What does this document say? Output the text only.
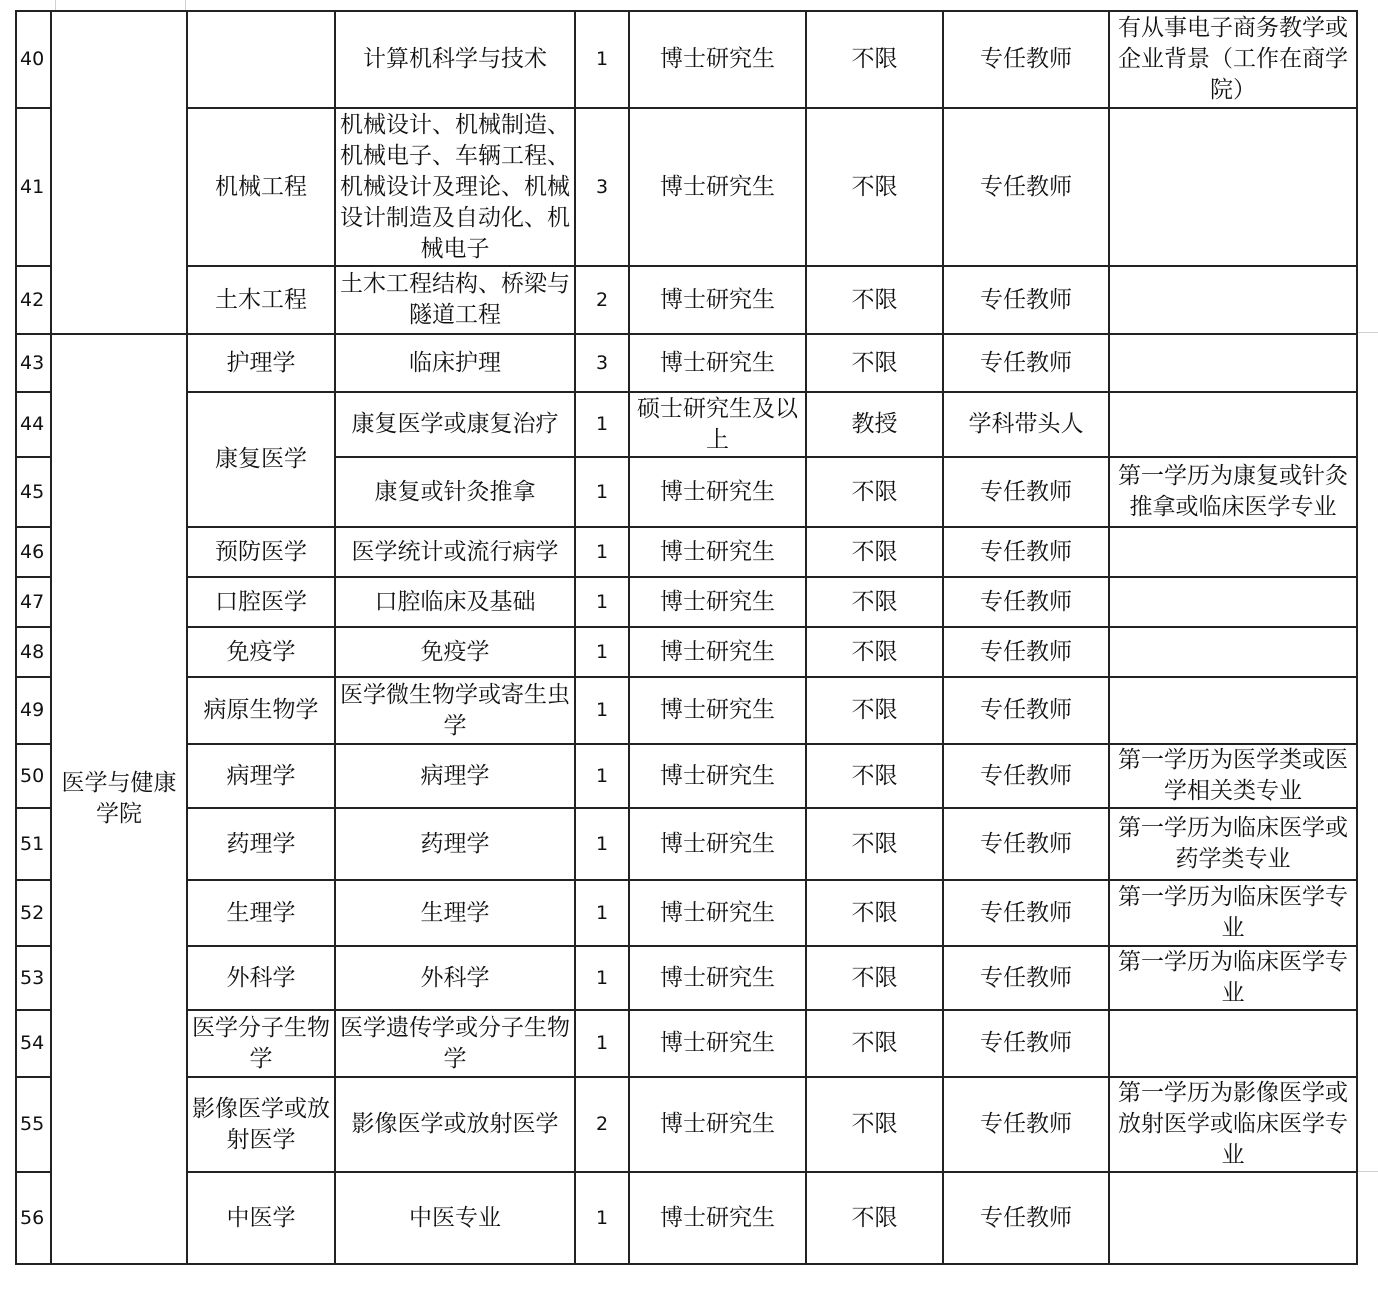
40			计算机科学与技术	1	博士研究生	不限	专任教师	有从事电子商务教学或企业背景（工作在商学院）
41		机械工程	机械设计、机械制造、机械电子、车辆工程、机械设计及理论、机械设计制造及自动化、机械电子	3	博士研究生	不限	专任教师	
42		土木工程	土木工程结构、桥梁与隧道工程	2	博士研究生	不限	专任教师	
43	医学与健康学院	护理学	临床护理	3	博士研究生	不限	专任教师	
44		康复医学	康复医学或康复治疗	1	硕士研究生及以上	教授	学科带头人	
45			康复或针灸推拿	1	博士研究生	不限	专任教师	第一学历为康复或针灸推拿或临床医学专业
46		预防医学	医学统计或流行病学	1	博士研究生	不限	专任教师	
47		口腔医学	口腔临床及基础	1	博士研究生	不限	专任教师	
48		免疫学	免疫学	1	博士研究生	不限	专任教师	
49		病原生物学	医学微生物学或寄生虫学	1	博士研究生	不限	专任教师	
50		病理学	病理学	1	博士研究生	不限	专任教师	第一学历为医学类或医学相关类专业
51		药理学	药理学	1	博士研究生	不限	专任教师	第一学历为临床医学或药学类专业
52		生理学	生理学	1	博士研究生	不限	专任教师	第一学历为临床医学专业
53		外科学	外科学	1	博士研究生	不限	专任教师	第一学历为临床医学专业
54		医学分子生物学	医学遗传学或分子生物学	1	博士研究生	不限	专任教师	
55		影像医学或放射医学	影像医学或放射医学	2	博士研究生	不限	专任教师	第一学历为影像医学或放射医学或临床医学专业
56		中医学	中医专业	1	博士研究生	不限	专任教师	
